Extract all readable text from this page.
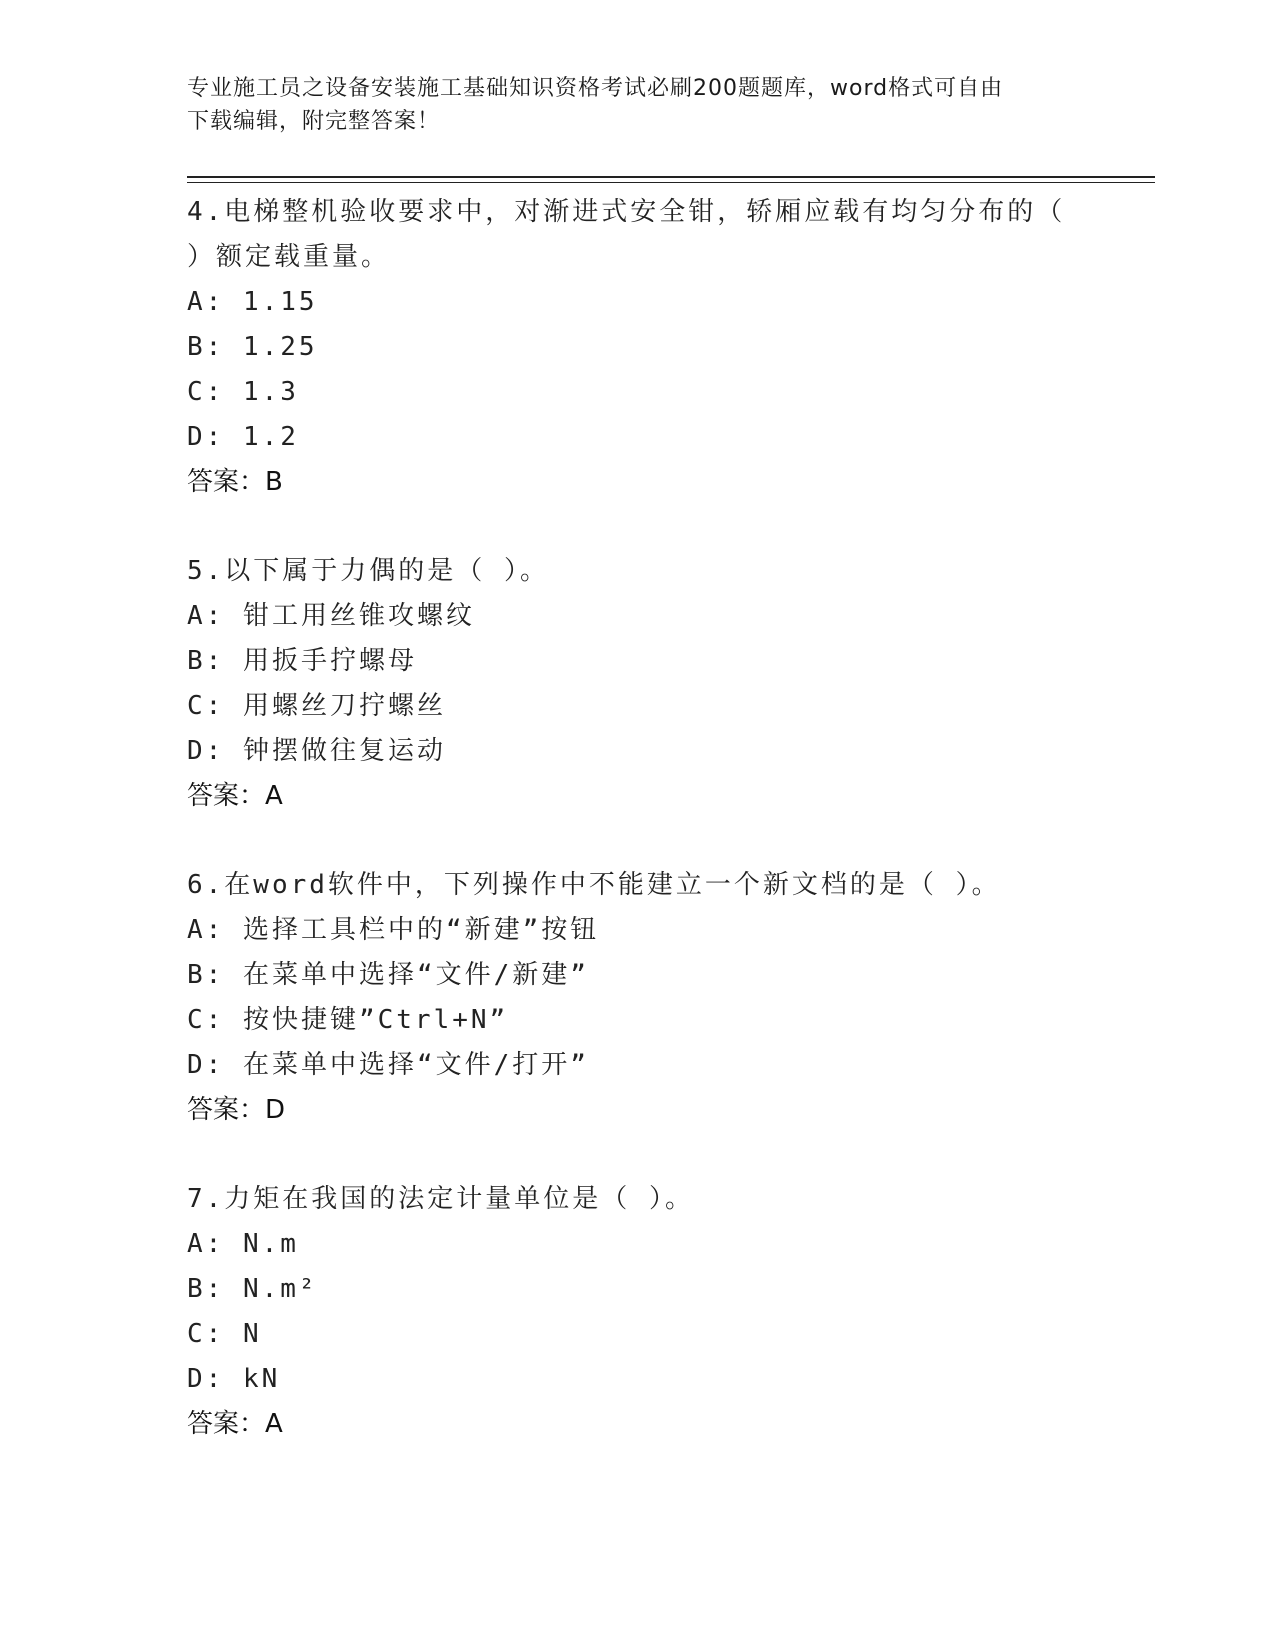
专业施工员之设备安装施工基础知识资格考试必刷200题题库，word格式可自由
下载编辑，附完整答案！

4.电梯整机验收要求中，对渐进式安全钳，轿厢应载有均匀分布的（

）额定载重量。

A: 1.15

B: 1.25

C: 1.3

D: 1.2

答案：B

5.以下属于力偶的是（ ）。

A: 钳工用丝锥攻螺纹

B: 用扳手拧螺母

C: 用螺丝刀拧螺丝

D: 钟摆做往复运动

答案：A

6.在word软件中，下列操作中不能建立一个新文档的是（ ）。

A: 选择工具栏中的“新建”按钮

B: 在菜单中选择“文件/新建”

C: 按快捷键”Ctrl+N”

D: 在菜单中选择“文件/打开”

答案：D

7.力矩在我国的法定计量单位是（ ）。

A: N.m

B: N.m²

C: N

D: kN

答案：A
